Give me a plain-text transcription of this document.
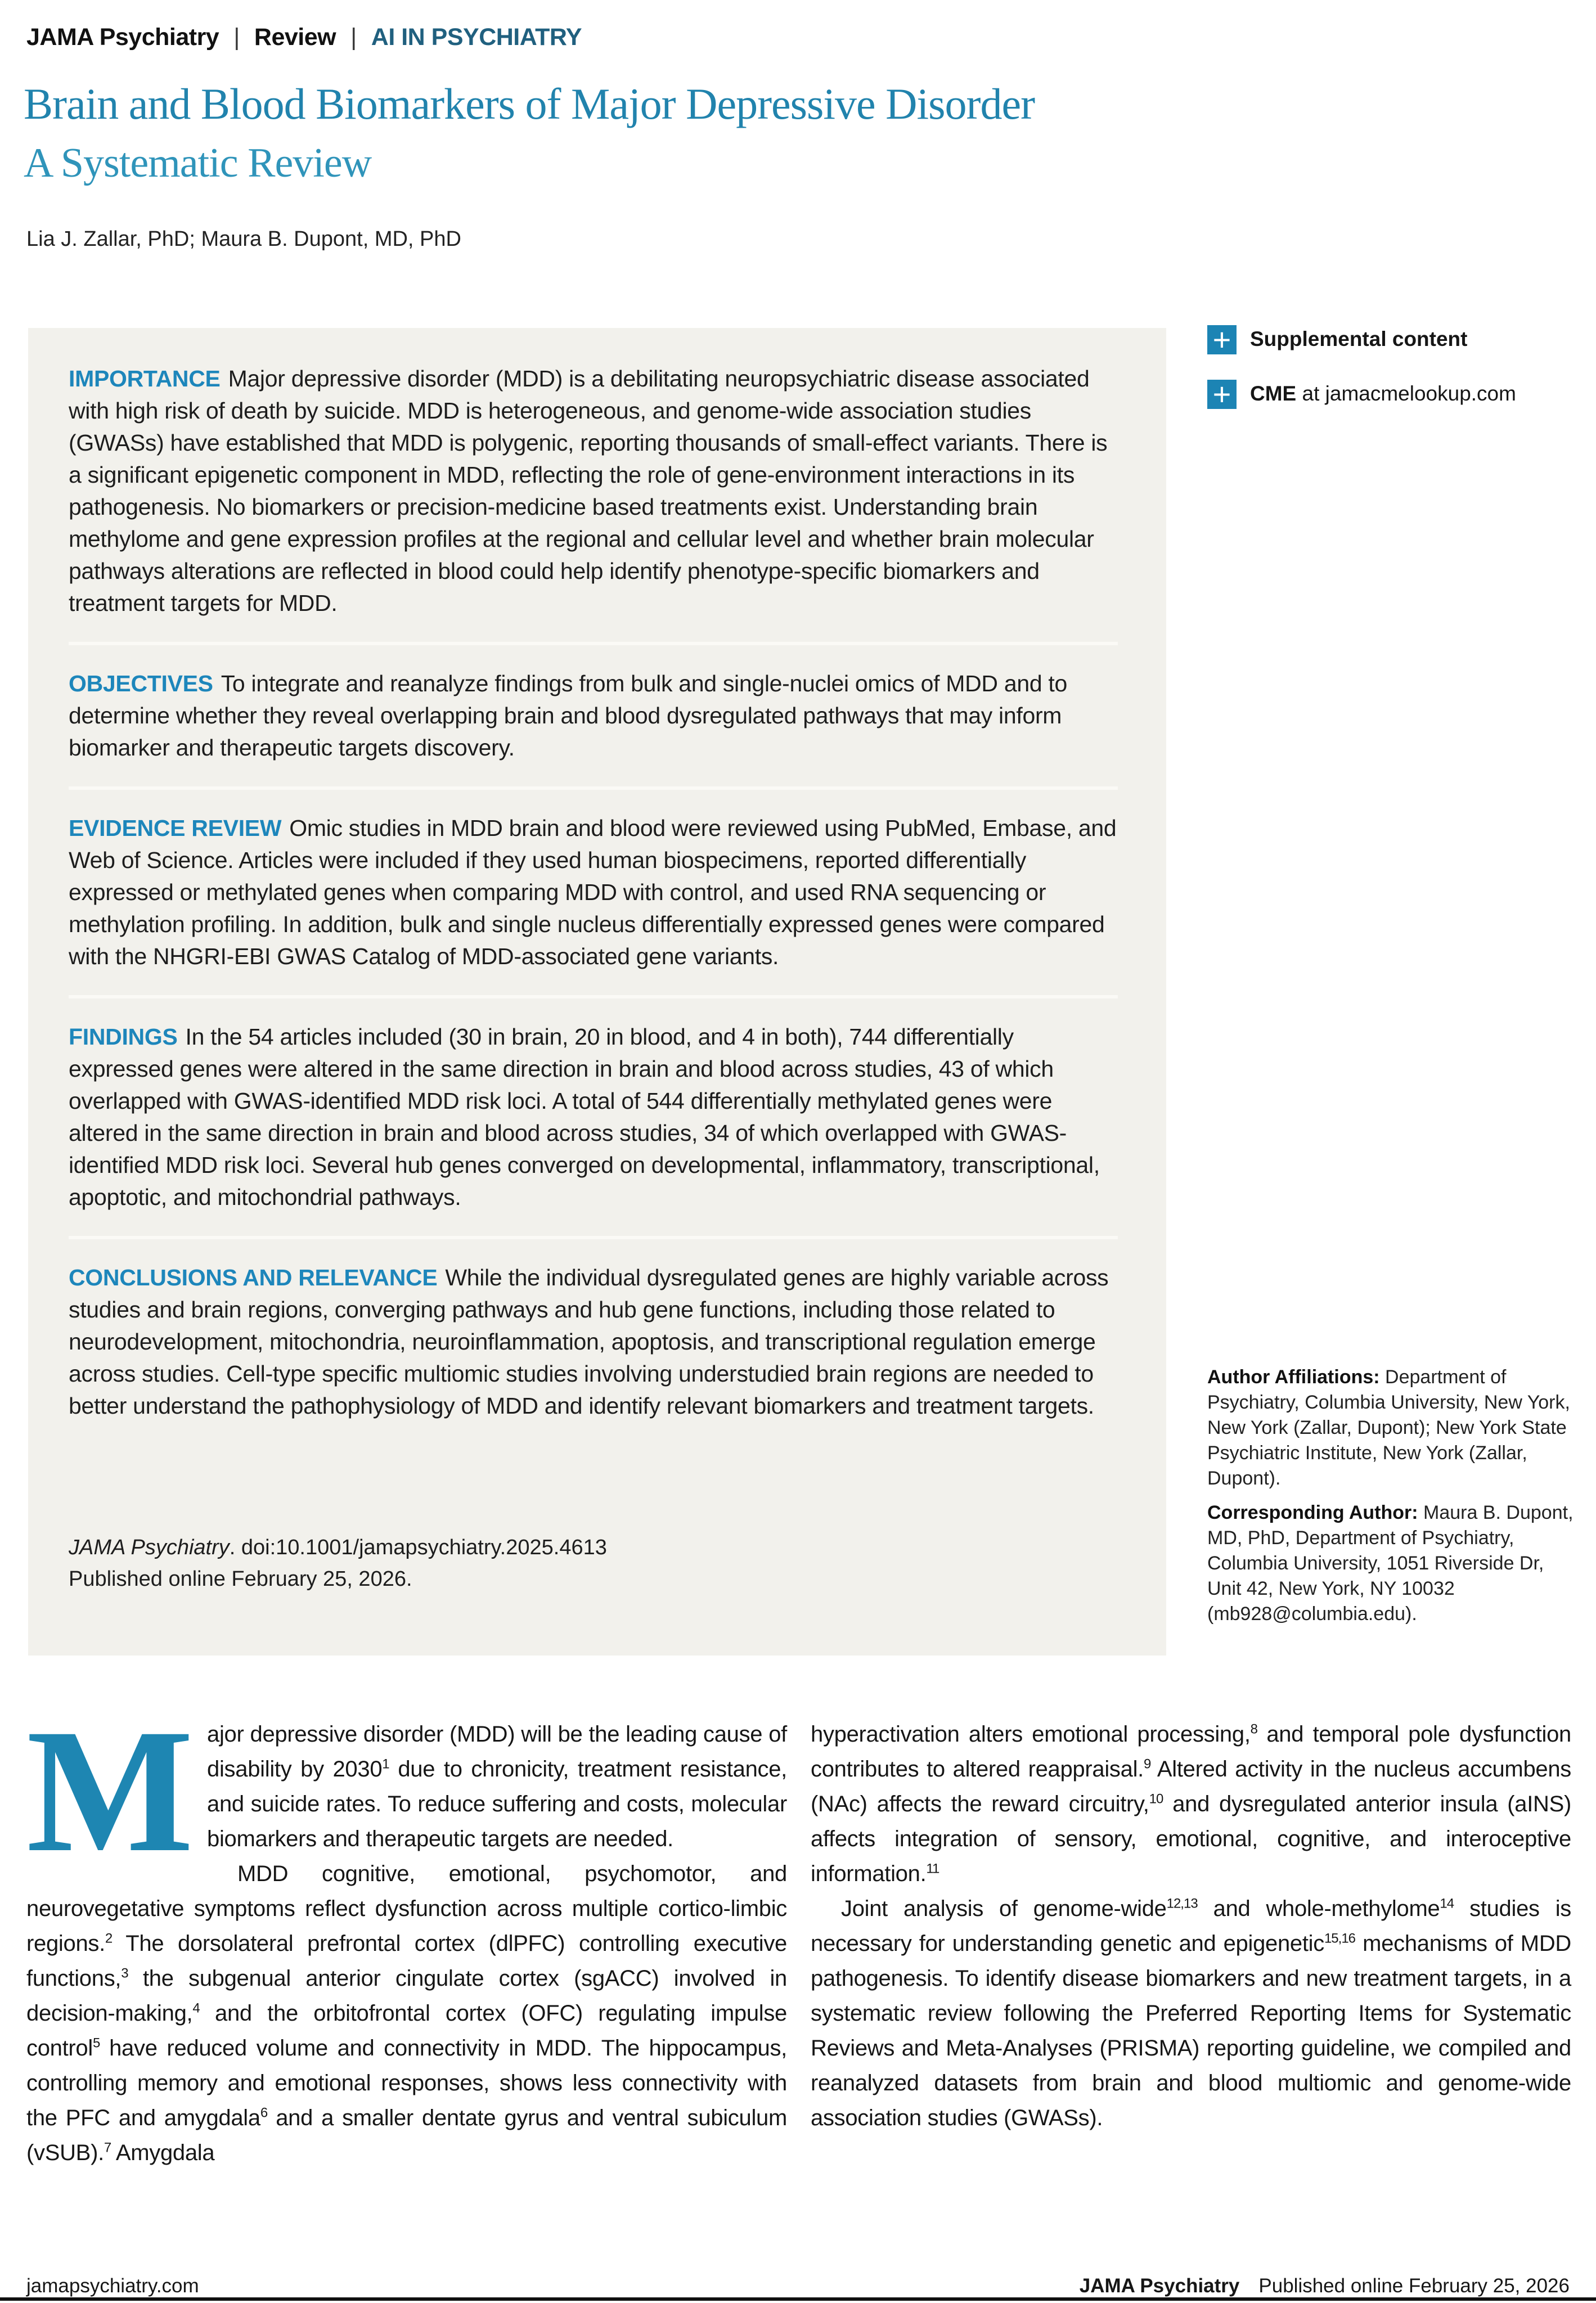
JAMA Psychiatry | Review | AI IN PSYCHIATRY
Brain and Blood Biomarkers of Major Depressive Disorder
A Systematic Review
Lia J. Zallar, PhD; Maura B. Dupont, MD, PhD

IMPORTANCE Major depressive disorder (MDD) is a debilitating neuropsychiatric disease associated with high risk of death by suicide. MDD is heterogeneous, and genome-wide association studies (GWASs) have established that MDD is polygenic, reporting thousands of small-effect variants. There is a significant epigenetic component in MDD, reflecting the role of gene-environment interactions in its pathogenesis. No biomarkers or precision-medicine based treatments exist. Understanding brain methylome and gene expression profiles at the regional and cellular level and whether brain molecular pathways alterations are reflected in blood could help identify phenotype-specific biomarkers and treatment targets for MDD.

OBJECTIVES To integrate and reanalyze findings from bulk and single-nuclei omics of MDD and to determine whether they reveal overlapping brain and blood dysregulated pathways that may inform biomarker and therapeutic targets discovery.

EVIDENCE REVIEW Omic studies in MDD brain and blood were reviewed using PubMed, Embase, and Web of Science. Articles were included if they used human biospecimens, reported differentially expressed or methylated genes when comparing MDD with control, and used RNA sequencing or methylation profiling. In addition, bulk and single nucleus differentially expressed genes were compared with the NHGRI-EBI GWAS Catalog of MDD-associated gene variants.

FINDINGS In the 54 articles included (30 in brain, 20 in blood, and 4 in both), 744 differentially expressed genes were altered in the same direction in brain and blood across studies, 43 of which overlapped with GWAS-identified MDD risk loci. A total of 544 differentially methylated genes were altered in the same direction in brain and blood across studies, 34 of which overlapped with GWAS-identified MDD risk loci. Several hub genes converged on developmental, inflammatory, transcriptional, apoptotic, and mitochondrial pathways.

CONCLUSIONS AND RELEVANCE While the individual dysregulated genes are highly variable across studies and brain regions, converging pathways and hub gene functions, including those related to neurodevelopment, mitochondria, neuroinflammation, apoptosis, and transcriptional regulation emerge across studies. Cell-type specific multiomic studies involving understudied brain regions are needed to better understand the pathophysiology of MDD and identify relevant biomarkers and treatment targets.

JAMA Psychiatry. doi:10.1001/jamapsychiatry.2025.4613
Published online February 25, 2026.
+ Supplemental content
+ CME at jamacmelookup.com
Author Affiliations: Department of Psychiatry, Columbia University, New York, New York (Zallar, Dupont); New York State Psychiatric Institute, New York (Zallar, Dupont).
Corresponding Author: Maura B. Dupont, MD, PhD, Department of Psychiatry, Columbia University, 1051 Riverside Dr, Unit 42, New York, NY 10032 (mb928@columbia.edu).

Major depressive disorder (MDD) will be the leading cause of disability by 2030$^1$ due to chronicity, treatment resistance, and suicide rates. To reduce suffering and costs, molecular biomarkers and therapeutic targets are needed.

MDD cognitive, emotional, psychomotor, and neurovegetative symptoms reflect dysfunction across multiple cortico-limbic regions.$^2$ The dorsolateral prefrontal cortex (dlPFC) controlling executive functions,$^3$ the subgenual anterior cingulate cortex (sgACC) involved in decision-making,$^4$ and the orbitofrontal cortex (OFC) regulating impulse control$^5$ have reduced volume and connectivity in MDD. The hippocampus, controlling memory and emotional responses, shows less connectivity with the PFC and amygdala$^6$ and a smaller dentate gyrus and ventral subiculum (vSUB).$^7$ Amygdala

hyperactivation alters emotional processing,$^8$ and temporal pole dysfunction contributes to altered reappraisal.$^9$ Altered activity in the nucleus accumbens (NAc) affects the reward circuitry,$^{10}$ and dysregulated anterior insula (aINS) affects integration of sensory, emotional, cognitive, and interoceptive information.$^{11}$

Joint analysis of genome-wide$^{12,13}$ and whole-methylome$^{14}$ studies is necessary for understanding genetic and epigenetic$^{15,16}$ mechanisms of MDD pathogenesis. To identify disease biomarkers and new treatment targets, in a systematic review following the Preferred Reporting Items for Systematic Reviews and Meta-Analyses (PRISMA) reporting guideline, we compiled and reanalyzed datasets from brain and blood multiomic and genome-wide association studies (GWASs).

jamapsychiatry.com	JAMA Psychiatry Published online February 25, 2026
